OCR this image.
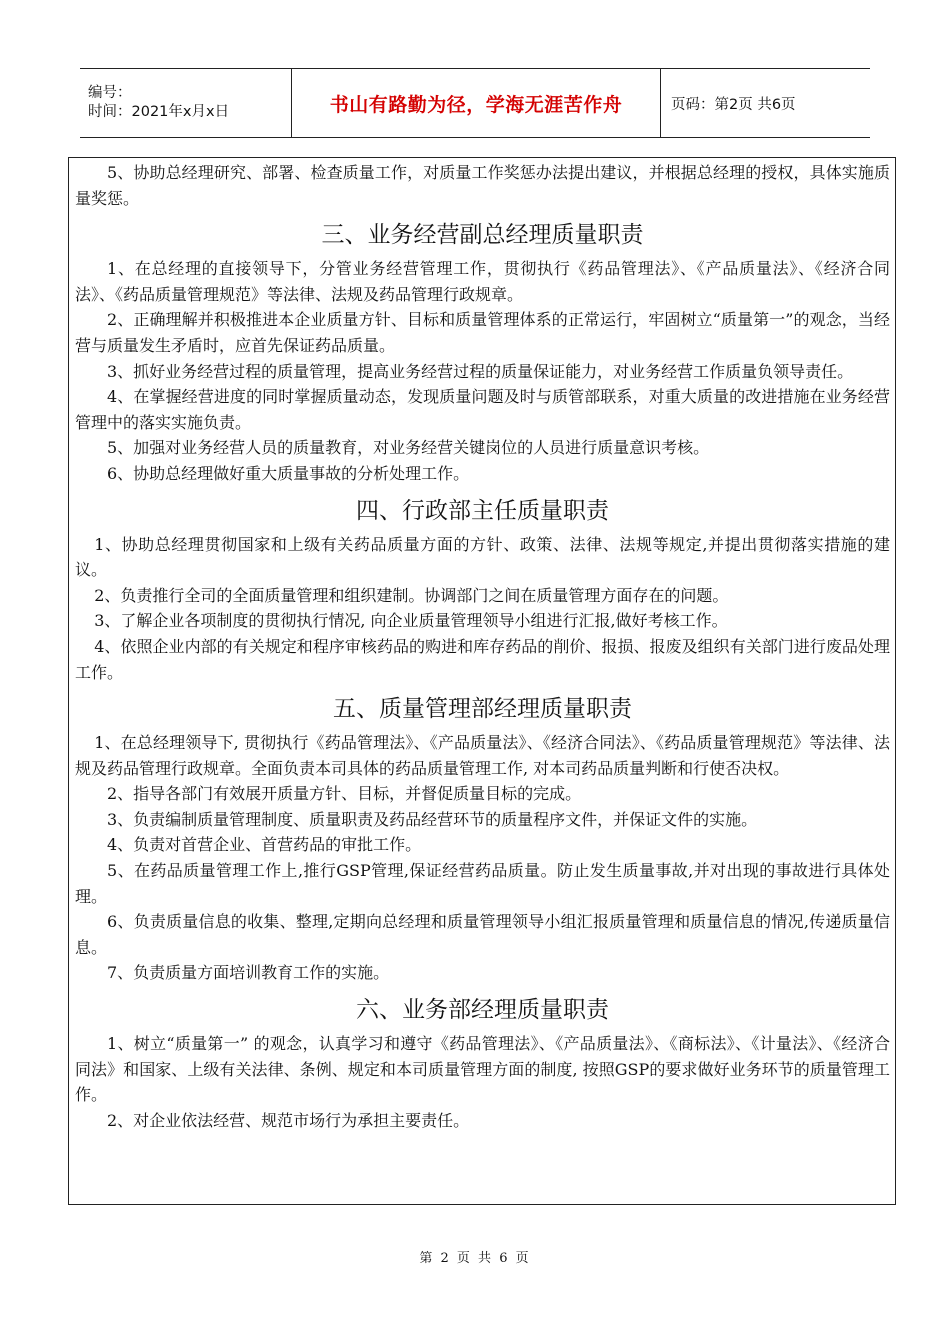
编号：
时间：2021年x月x日	书山有路勤为径，学海无涯苦作舟	页码：第2页 共6页

5、协助总经理研究、部署、检查质量工作，对质量工作奖惩办法提出建议，并根据总经理的授权，具体实施质量奖惩。

三、业务经营副总经理质量职责

1、在总经理的直接领导下，分管业务经营管理工作，贯彻执行《药品管理法》、《产品质量法》、《经济合同法》、《药品质量管理规范》等法律、法规及药品管理行政规章。

2、正确理解并积极推进本企业质量方针、目标和质量管理体系的正常运行，牢固树立“质量第一”的观念，当经营与质量发生矛盾时，应首先保证药品质量。

3、抓好业务经营过程的质量管理，提高业务经营过程的质量保证能力，对业务经营工作质量负领导责任。

4、在掌握经营进度的同时掌握质量动态，发现质量问题及时与质管部联系，对重大质量的改进措施在业务经营管理中的落实实施负责。

5、加强对业务经营人员的质量教育，对业务经营关键岗位的人员进行质量意识考核。

6、协助总经理做好重大质量事故的分析处理工作。

四、行政部主任质量职责

1、协助总经理贯彻国家和上级有关药品质量方面的方针、政策、法律、法规等规定,并提出贯彻落实措施的建议。

2、负责推行全司的全面质量管理和组织建制。协调部门之间在质量管理方面存在的问题。

3、了解企业各项制度的贯彻执行情况, 向企业质量管理领导小组进行汇报,做好考核工作。

4、依照企业内部的有关规定和程序审核药品的购进和库存药品的削价、报损、报废及组织有关部门进行废品处理工作。

五、质量管理部经理质量职责

1、在总经理领导下, 贯彻执行《药品管理法》、《产品质量法》、《经济合同法》、《药品质量管理规范》等法律、法规及药品管理行政规章。全面负责本司具体的药品质量管理工作, 对本司药品质量判断和行使否决权。

2、指导各部门有效展开质量方针、目标，并督促质量目标的完成。

3、负责编制质量管理制度、质量职责及药品经营环节的质量程序文件，并保证文件的实施。

4、负责对首营企业、首营药品的审批工作。

5、在药品质量管理工作上,推行GSP管理,保证经营药品质量。防止发生质量事故,并对出现的事故进行具体处理。

6、负责质量信息的收集、整理,定期向总经理和质量管理领导小组汇报质量管理和质量信息的情况,传递质量信息。

7、负责质量方面培训教育工作的实施。

六、业务部经理质量职责

1、树立“质量第一” 的观念，认真学习和遵守《药品管理法》、《产品质量法》、《商标法》、《计量法》、《经济合同法》和国家、上级有关法律、条例、规定和本司质量管理方面的制度, 按照GSP的要求做好业务环节的质量管理工作。

2、对企业依法经营、规范市场行为承担主要责任。

第 2 页 共 6 页
